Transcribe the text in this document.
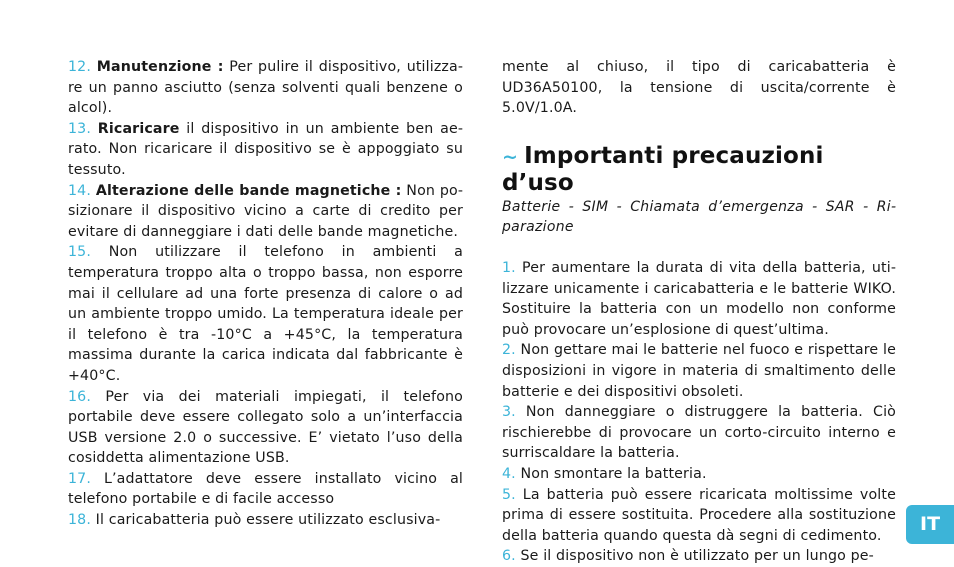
12. Manutenzione : Per pulire il dispositivo, utilizzare un panno asciutto (senza solventi quali benzene o alcol).

13. Ricaricare il dispositivo in un ambiente ben aerato. Non ricaricare il dispositivo se è appoggiato su tessuto.

14. Alterazione delle bande magnetiche : Non posizionare il dispositivo vicino a carte di credito per evitare di danneggiare i dati delle bande magnetiche.

15. Non utilizzare il telefono in ambienti a temperatura troppo alta o troppo bassa, non esporre mai il cellulare ad una forte presenza di calore o ad un ambiente troppo umido. La temperatura ideale per il telefono è tra -10°C a +45°C, la temperatura massima durante la carica indicata dal fabbricante è +40°C.

16. Per via dei materiali impiegati, il telefono portabile deve essere collegato solo a un’interfaccia USB versione 2.0 o successive. E’ vietato l’uso della cosiddetta alimentazione USB.

17. L’adattatore deve essere installato vicino al telefono portabile e di facile accesso

18. Il caricabatteria può essere utilizzato esclusiva-

mente al chiuso, il tipo di caricabatteria è UD36A50100, la tensione di uscita/corrente è 5.0V/1.0A.

~ Importanti precauzioni d’uso

Batterie - SIM - Chiamata d’emergenza - SAR - Riparazione

1. Per aumentare la durata di vita della batteria, utilizzare unicamente i caricabatteria e le batterie WIKO. Sostituire la batteria con un modello non conforme può provocare un’esplosione di quest’ultima.

2. Non gettare mai le batterie nel fuoco e rispettare le disposizioni in vigore in materia di smaltimento delle batterie e dei dispositivi obsoleti.

3. Non danneggiare o distruggere la batteria. Ciò rischierebbe di provocare un corto-circuito interno e surriscaldare la batteria.

4. Non smontare la batteria.

5. La batteria può essere ricaricata moltissime volte prima di essere sostituita. Procedere alla sostituzione della batteria quando questa dà segni di cedimento.

6. Se il dispositivo non è utilizzato per un lungo pe-

IT
